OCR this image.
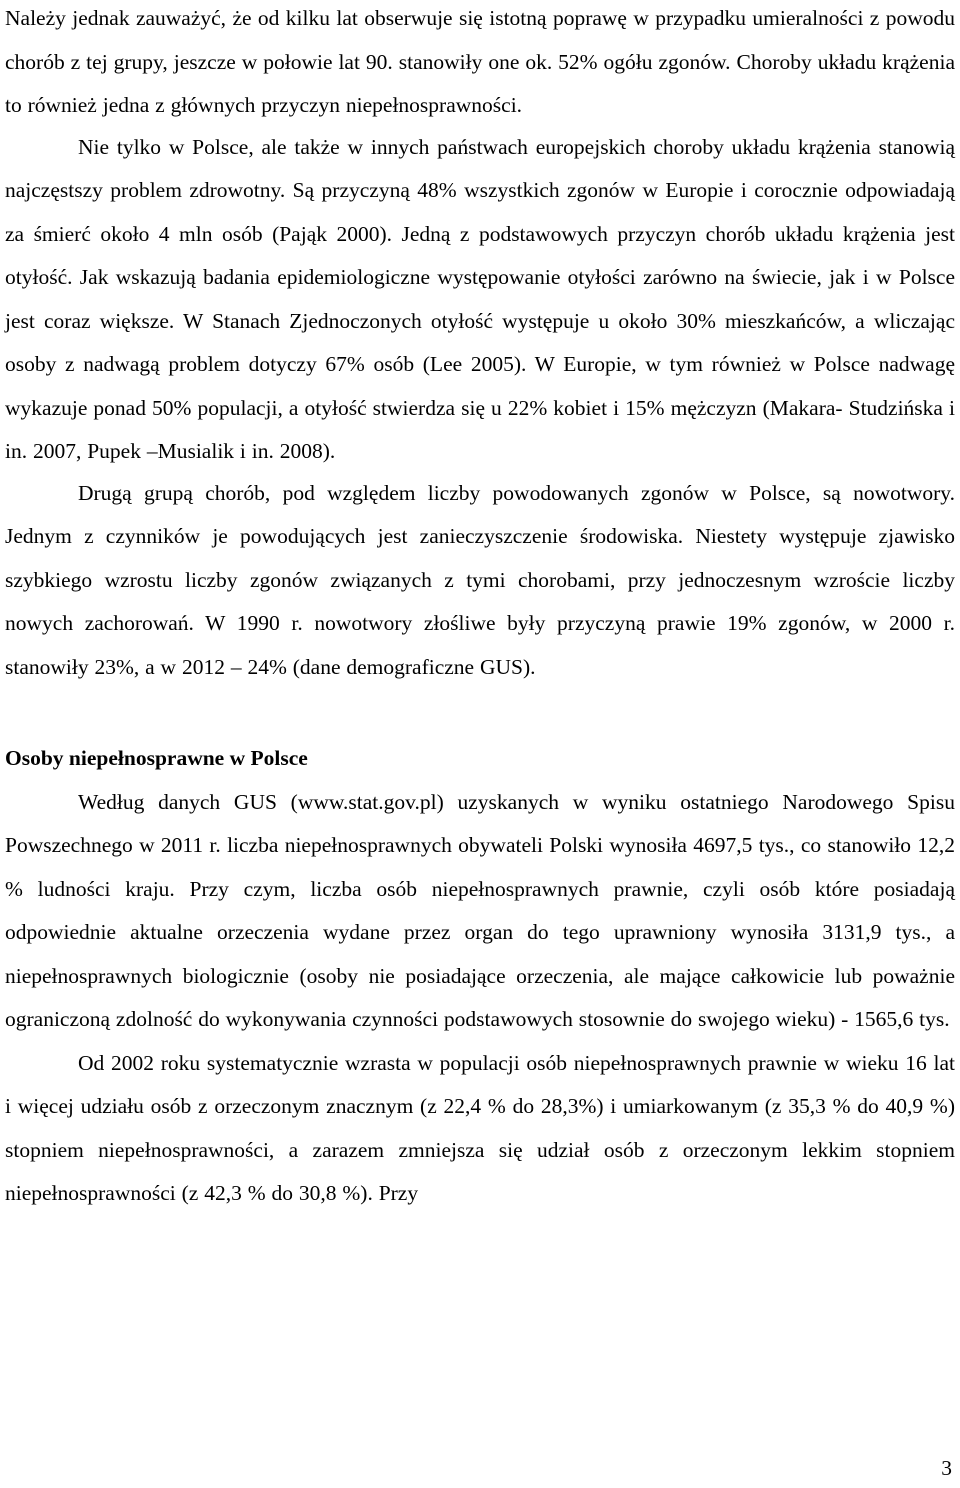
Należy jednak zauważyć, że od kilku lat obserwuje się istotną poprawę w przypadku umieralności z powodu chorób z tej grupy, jeszcze w połowie lat 90. stanowiły one ok. 52% ogółu zgonów. Choroby układu krążenia to również jedna z głównych przyczyn niepełnosprawności.

Nie tylko w Polsce, ale także w innych państwach europejskich choroby układu krążenia stanowią najczęstszy problem zdrowotny. Są przyczyną 48% wszystkich zgonów w Europie i corocznie odpowiadają za śmierć około 4 mln osób (Pająk 2000). Jedną z podstawowych przyczyn chorób układu krążenia jest otyłość. Jak wskazują badania epidemiologiczne występowanie otyłości zarówno na świecie, jak i w Polsce jest coraz większe. W Stanach Zjednoczonych otyłość występuje u około 30% mieszkańców, a wliczając osoby z nadwagą problem dotyczy 67% osób (Lee 2005). W Europie, w tym również w Polsce nadwagę wykazuje ponad 50% populacji, a otyłość stwierdza się u 22% kobiet i 15% mężczyzn (Makara- Studzińska i in. 2007, Pupek –Musialik i in. 2008).

Drugą grupą chorób, pod względem liczby powodowanych zgonów w Polsce, są nowotwory. Jednym z czynników je powodujących jest zanieczyszczenie środowiska. Niestety występuje zjawisko szybkiego wzrostu liczby zgonów związanych z tymi chorobami, przy jednoczesnym wzroście liczby nowych zachorowań. W 1990 r. nowotwory złośliwe były przyczyną prawie 19% zgonów, w 2000 r. stanowiły 23%, a w 2012 – 24% (dane demograficzne GUS).

Osoby niepełnosprawne w Polsce

Według danych GUS (www.stat.gov.pl) uzyskanych w wyniku ostatniego Narodowego Spisu Powszechnego w 2011 r. liczba niepełnosprawnych obywateli Polski wynosiła 4697,5 tys., co stanowiło 12,2 % ludności kraju. Przy czym, liczba osób niepełnosprawnych prawnie, czyli osób które posiadają odpowiednie aktualne orzeczenia wydane przez organ do tego uprawniony wynosiła 3131,9 tys., a niepełnosprawnych biologicznie (osoby nie posiadające orzeczenia, ale mające całkowicie lub poważnie ograniczoną zdolność do wykonywania czynności podstawowych stosownie do swojego wieku) - 1565,6 tys.

Od 2002 roku systematycznie wzrasta w populacji osób niepełnosprawnych prawnie w wieku 16 lat i więcej udziału osób z orzeczonym znacznym (z 22,4 % do 28,3%) i umiarkowanym (z 35,3 % do 40,9 %) stopniem niepełnosprawności, a zarazem zmniejsza się udział osób z orzeczonym lekkim stopniem niepełnosprawności (z 42,3 % do 30,8 %). Przy

3
